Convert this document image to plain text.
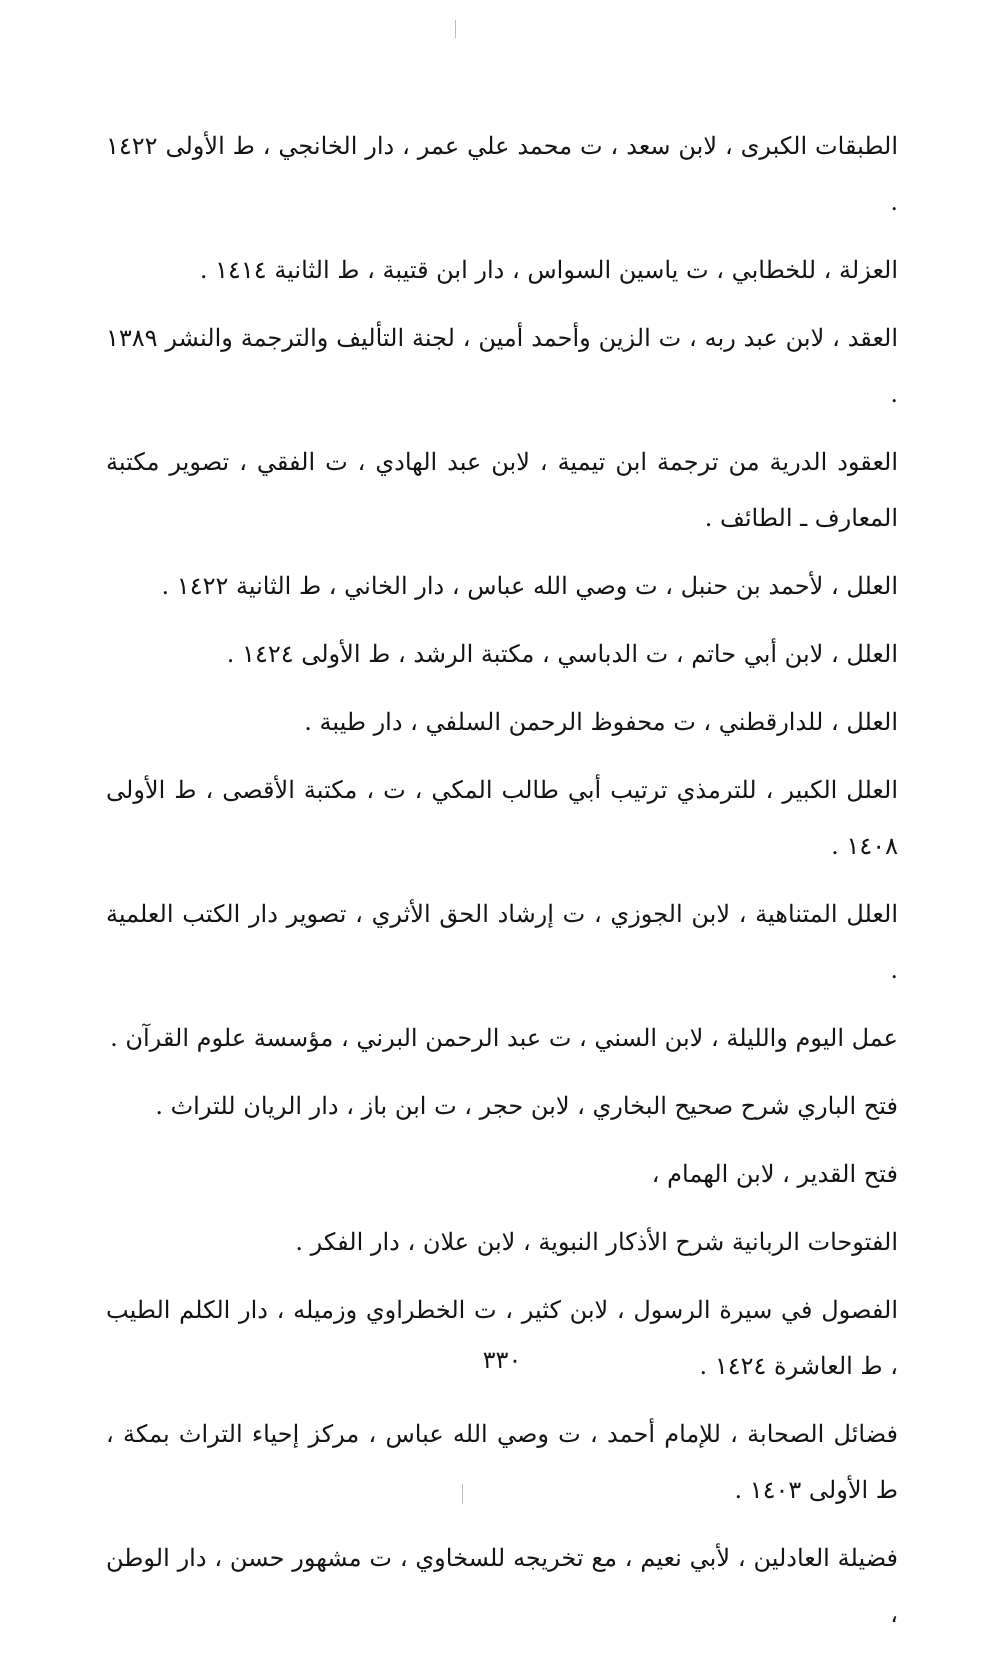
الطبقات الكبرى ، لابن سعد ، ت محمد علي عمر ، دار الخانجي ، ط الأولى ١٤٢٢ .

العزلة ، للخطابي ، ت ياسين السواس ، دار ابن قتيبة ، ط الثانية ١٤١٤ .

العقد ، لابن عبد ربه ، ت الزين وأحمد أمين ، لجنة التأليف والترجمة والنشر ١٣٨٩ .

العقود الدرية من ترجمة ابن تيمية ، لابن عبد الهادي ، ت الفقي ، تصوير مكتبة المعارف ـ الطائف .

العلل ، لأحمد بن حنبل ، ت وصي الله عباس ، دار الخاني ، ط الثانية ١٤٢٢ .

العلل ، لابن أبي حاتم ، ت الدباسي ، مكتبة الرشد ، ط الأولى ١٤٢٤ .

العلل ، للدارقطني ، ت محفوظ الرحمن السلفي ، دار طيبة .

العلل الكبير ، للترمذي ترتيب أبي طالب المكي ، ت ، مكتبة الأقصى ، ط الأولى ١٤٠٨ .

العلل المتناهية ، لابن الجوزي ، ت إرشاد الحق الأثري ، تصوير دار الكتب العلمية .

عمل اليوم والليلة ، لابن السني ، ت عبد الرحمن البرني ، مؤسسة علوم القرآن .

فتح الباري شرح صحيح البخاري ، لابن حجر ، ت ابن باز ، دار الريان للتراث .

فتح القدير ، لابن الهمام ،

الفتوحات الربانية شرح الأذكار النبوية ، لابن علان ، دار الفكر .

الفصول في سيرة الرسول ، لابن كثير ، ت الخطراوي وزميله ، دار الكلم الطيب ، ط العاشرة ١٤٢٤ .

فضائل الصحابة ، للإمام أحمد ، ت وصي الله عباس ، مركز إحياء التراث بمكة ، ط الأولى ١٤٠٣ .

فضيلة العادلين ، لأبي نعيم ، مع تخريجه للسخاوي ، ت مشهور حسن ، دار الوطن ،

٣٣٠
